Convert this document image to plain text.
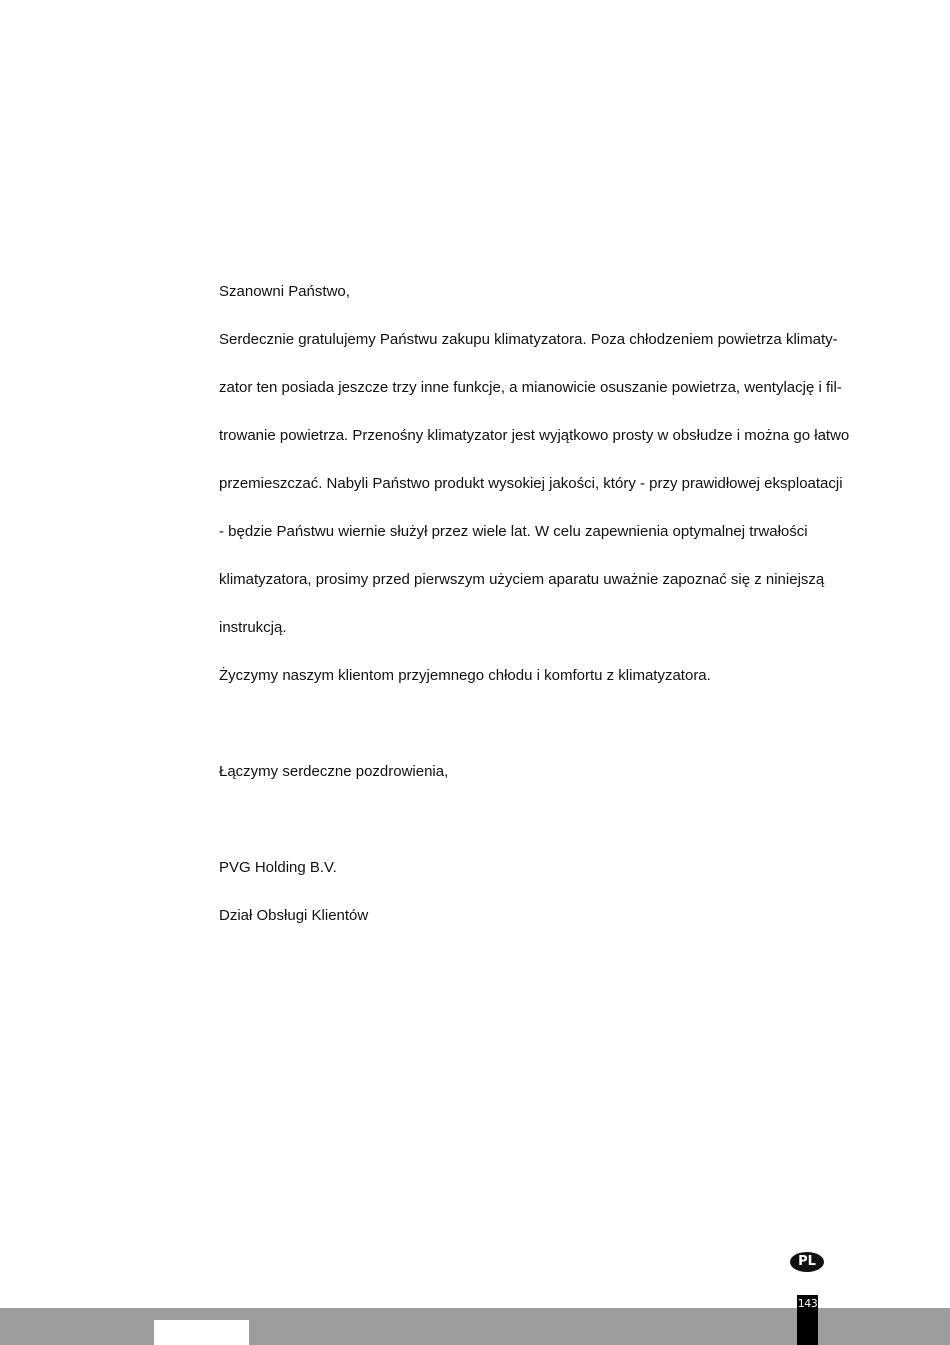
Szanowni Państwo,

Serdecznie gratulujemy Państwu zakupu klimatyzatora. Poza chłodzeniem powietrza klimaty-

zator ten posiada jeszcze trzy inne funkcje, a mianowicie osuszanie powietrza, wentylację i fil-

trowanie powietrza. Przenośny klimatyzator jest wyjątkowo prosty w obsłudze i można go łatwo

przemieszczać. Nabyli Państwo produkt wysokiej jakości, który - przy prawidłowej eksploatacji

- będzie Państwu wiernie służył przez wiele lat. W celu zapewnienia optymalnej trwałości

klimatyzatora, prosimy przed pierwszym użyciem aparatu uważnie zapoznać się z niniejszą

instrukcją.

Życzymy naszym klientom przyjemnego chłodu i komfortu z klimatyzatora.

Łączymy serdeczne pozdrowienia,

PVG Holding B.V.

Dział Obsługi Klientów

PL
143
